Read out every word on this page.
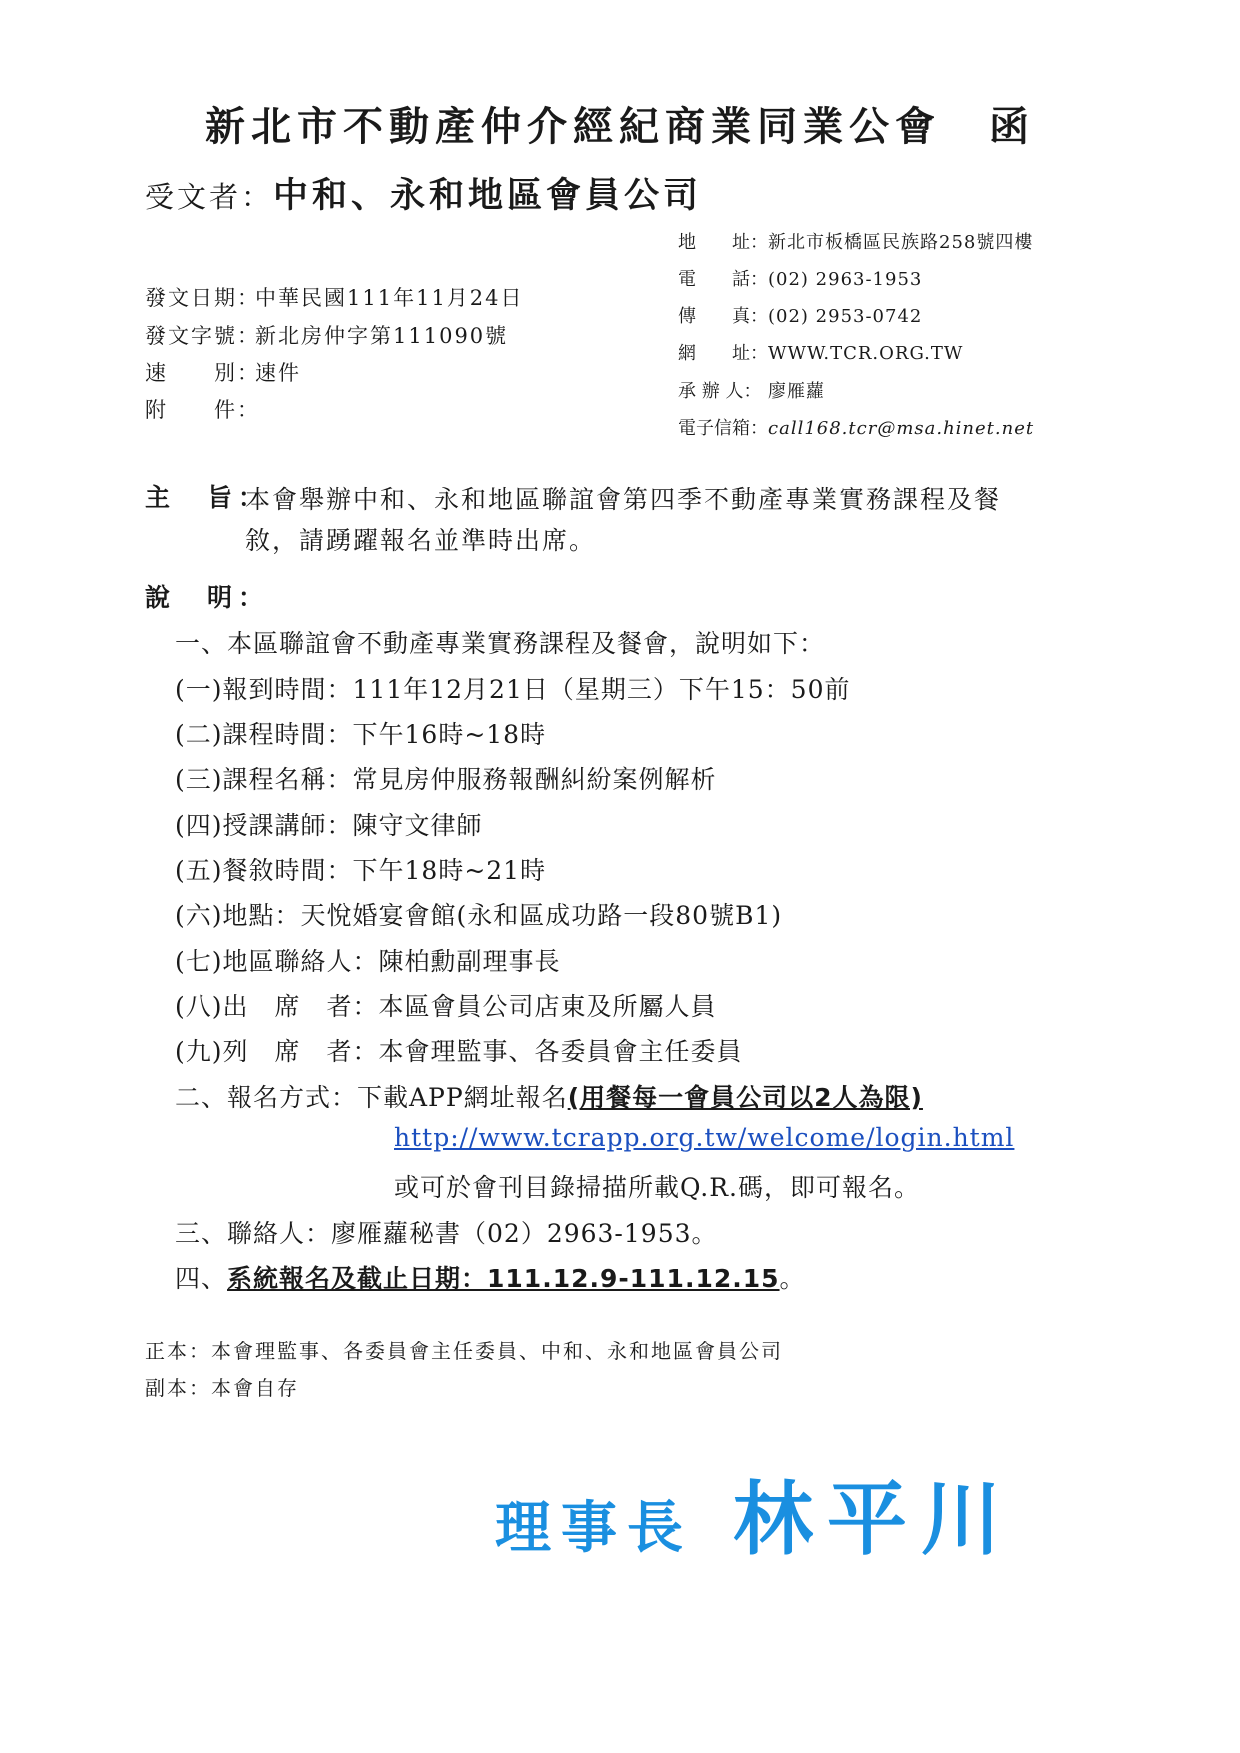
新北市不動產仲介經紀商業同業公會 函
受文者：中和、永和地區會員公司
地　　址：新北市板橋區民族路258號四樓
電　　話：(02) 2963-1953
傳　　真：(02) 2953-0742
網　　址：WWW.TCR.ORG.TW
承 辦 人： 廖雁蘿
電子信箱：call168.tcr@msa.hinet.net
發文日期：中華民國111年11月24日
發文字號：新北房仲字第111090號
速　　別：速件
附　　件：
主　旨：
本會舉辦中和、永和地區聯誼會第四季不動產專業實務課程及餐
敘，請踴躍報名並準時出席。
說　明：
一、本區聯誼會不動產專業實務課程及餐會，說明如下：
(一)報到時間：111年12月21日（星期三）下午15：50前
(二)課程時間：下午16時~18時
(三)課程名稱：常見房仲服務報酬糾紛案例解析
(四)授課講師：陳守文律師
(五)餐敘時間：下午18時~21時
(六)地點：天悅婚宴會館(永和區成功路一段80號B1)
(七)地區聯絡人：陳柏勳副理事長
(八)出　席　者：本區會員公司店東及所屬人員
(九)列　席　者：本會理監事、各委員會主任委員
二、報名方式：下載APP網址報名(用餐每一會員公司以2人為限)
http://www.tcrapp.org.tw/welcome/login.html
或可於會刊目錄掃描所載Q.R.碼，即可報名。
三、聯絡人：廖雁蘿秘書（02）2963-1953。
四、系統報名及截止日期：111.12.9-111.12.15。
正本：本會理監事、各委員會主任委員、中和、永和地區會員公司
副本：本會自存
理事長 林平川
